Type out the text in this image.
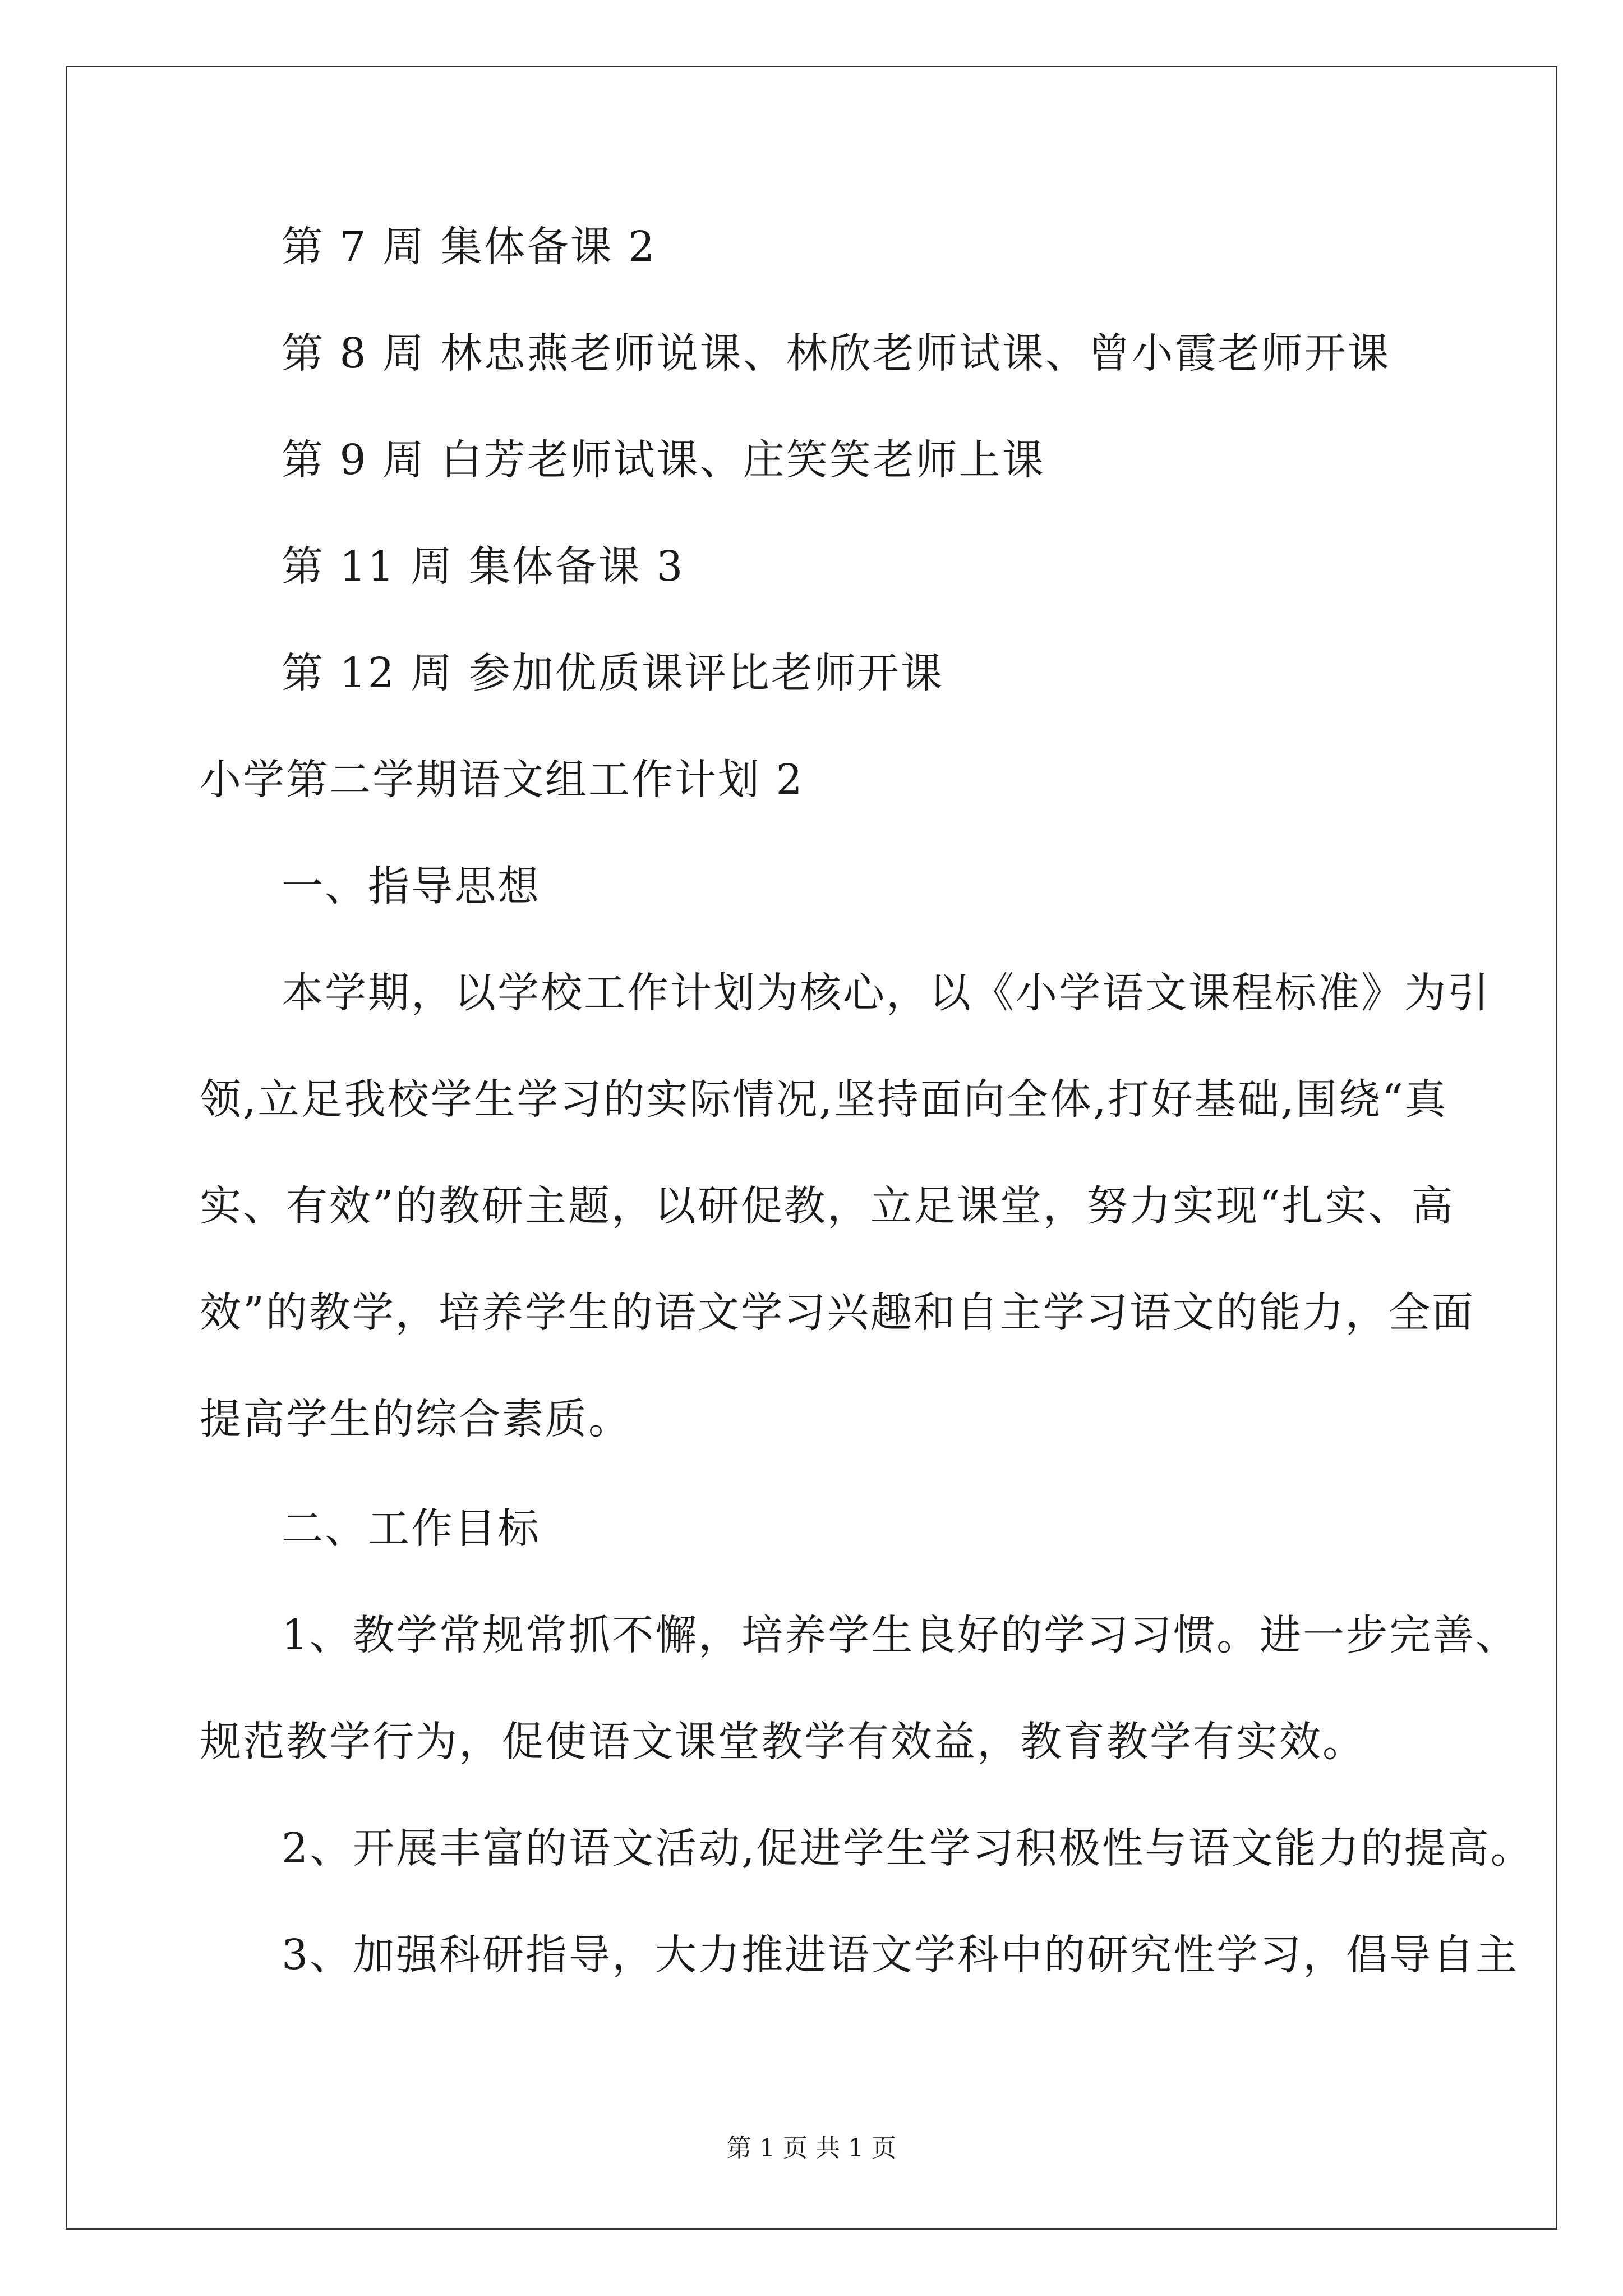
第 7 周 集体备课 2
第 8 周 林忠燕老师说课、林欣老师试课、曾小霞老师开课
第 9 周 白芳老师试课、庄笑笑老师上课
第 11 周 集体备课 3
第 12 周 参加优质课评比老师开课
小学第二学期语文组工作计划 2
一、指导思想
本学期，以学校工作计划为核心，以《小学语文课程标准》为引
领,立足我校学生学习的实际情况,坚持面向全体,打好基础,围绕“真
实、有效”的教研主题，以研促教，立足课堂，努力实现“扎实、高
效”的教学，培养学生的语文学习兴趣和自主学习语文的能力，全面
提高学生的综合素质。
二、工作目标
1、教学常规常抓不懈，培养学生良好的学习习惯。进一步完善、
规范教学行为，促使语文课堂教学有效益，教育教学有实效。
2、开展丰富的语文活动,促进学生学习积极性与语文能力的提高。
3、加强科研指导，大力推进语文学科中的研究性学习，倡导自主
第 1 页 共 1 页
